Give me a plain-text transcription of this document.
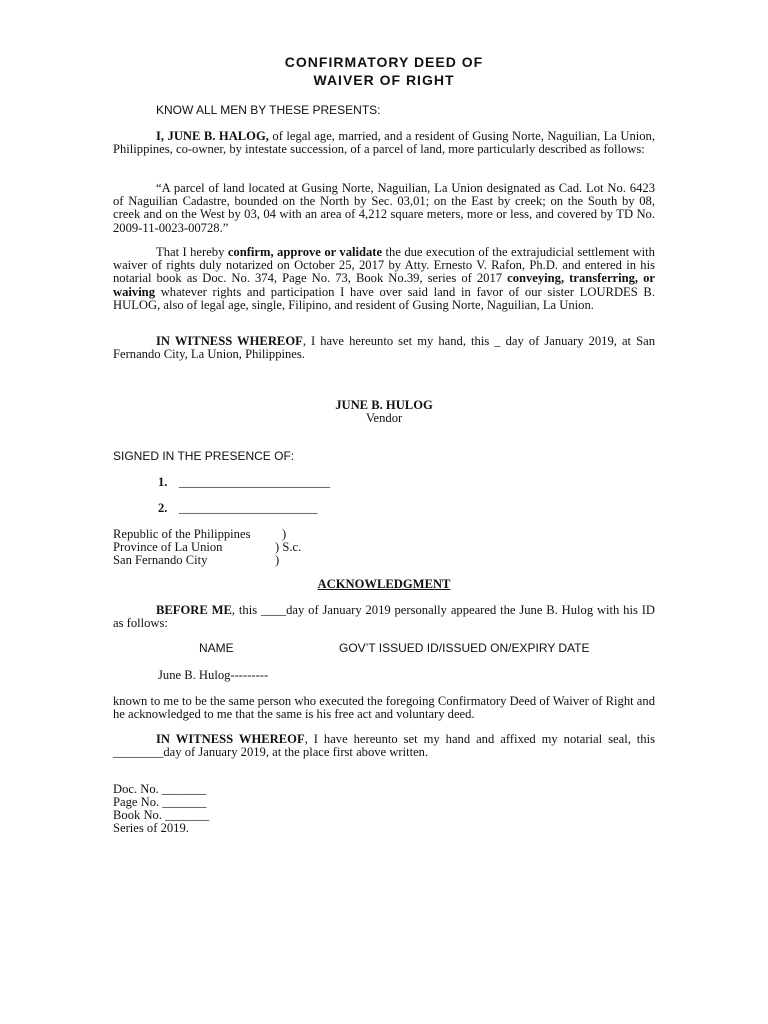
CONFIRMATORY DEED OF
WAIVER OF RIGHT
KNOW ALL MEN BY THESE PRESENTS:
I, JUNE B. HALOG, of legal age, married, and a resident of Gusing Norte, Naguilian, La Union, Philippines, co-owner, by intestate succession, of a parcel of land, more particularly described as follows:
“A parcel of land located at Gusing Norte, Naguilian, La Union designated as Cad. Lot No. 6423 of Naguilian Cadastre, bounded on the North by Sec. 03,01; on the East by creek; on the South by 08, creek and on the West by 03, 04 with an area of 4,212 square meters, more or less, and covered by TD No. 2009-11-0023-00728.”
That I hereby confirm, approve or validate the due execution of the extrajudicial settlement with waiver of rights duly notarized on October 25, 2017 by Atty. Ernesto V. Rafon, Ph.D. and entered in his notarial book as Doc. No. 374, Page No. 73, Book No.39, series of 2017 conveying, transferring, or waiving whatever rights and participation I have over said land in favor of our sister LOURDES B. HULOG, also of legal age, single, Filipino, and resident of Gusing Norte, Naguilian, La Union.
IN WITNESS WHEREOF, I have hereunto set my hand, this _ day of January 2019, at San Fernando City, La Union, Philippines.
JUNE B. HULOG
Vendor
SIGNED IN THE PRESENCE OF:
1. ________________________
2. ______________________
Republic of the Philippines	)
Province of La Union	) S.c.
San Fernando City	)
ACKNOWLEDGMENT
BEFORE ME, this ____day of January 2019 personally appeared the June B. Hulog with his ID as follows:
NAME	GOV’T ISSUED ID/ISSUED ON/EXPIRY DATE
June B. Hulog---------
known to me to be the same person who executed the foregoing Confirmatory Deed of Waiver of Right and he acknowledged to me that the same is his free act and voluntary deed.
IN WITNESS WHEREOF, I have hereunto set my hand and affixed my notarial seal, this ________day of January 2019, at the place first above written.
Doc. No. _______
Page No. _______
Book No. _______
Series of 2019.
